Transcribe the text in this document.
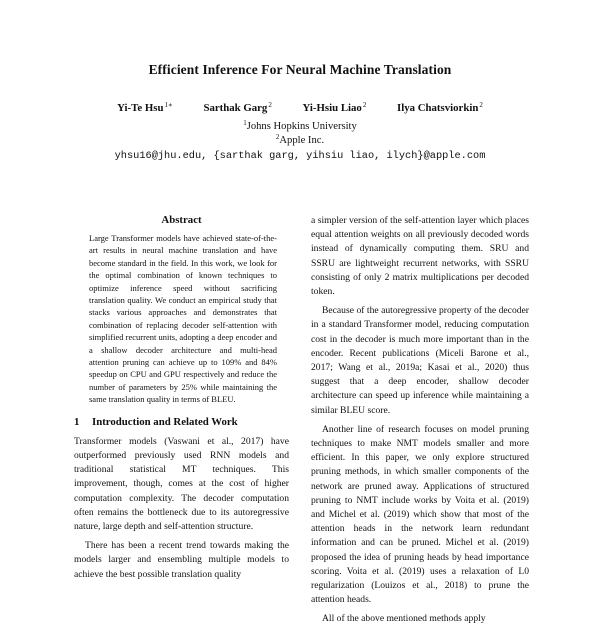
Efficient Inference For Neural Machine Translation
Yi-Te Hsu$^{1∗}$	Sarthak Garg$^2$	Yi-Hsiu Liao$^2$	Ilya Chatsviorkin$^2$
$^1$Johns Hopkins University
$^2$Apple Inc.
yhsu16@jhu.edu, {sarthak garg, yihsiu liao, ilych}@apple.com
Abstract

Large Transformer models have achieved state-of-the-art results in neural machine translation and have become standard in the field. In this work, we look for the optimal combination of known techniques to optimize inference speed without sacrificing translation quality. We conduct an empirical study that stacks various approaches and demonstrates that combination of replacing decoder self-attention with simplified recurrent units, adopting a deep encoder and a shallow decoder architecture and multi-head attention pruning can achieve up to 109% and 84% speedup on CPU and GPU respectively and reduce the number of parameters by 25% while maintaining the same translation quality in terms of BLEU.

1 Introduction and Related Work

Transformer models (Vaswani et al., 2017) have outperformed previously used RNN models and traditional statistical MT techniques. This improvement, though, comes at the cost of higher computation complexity. The decoder computation often remains the bottleneck due to its autoregressive nature, large depth and self-attention structure.

There has been a recent trend towards making the models larger and ensembling multiple models to achieve the best possible translation quality

a simpler version of the self-attention layer which places equal attention weights on all previously decoded words instead of dynamically computing them. SRU and SSRU are lightweight recurrent networks, with SSRU consisting of only 2 matrix multiplications per decoded token.

Because of the autoregressive property of the decoder in a standard Transformer model, reducing computation cost in the decoder is much more important than in the encoder. Recent publications (Miceli Barone et al., 2017; Wang et al., 2019a; Kasai et al., 2020) thus suggest that a deep encoder, shallow decoder architecture can speed up inference while maintaining a similar BLEU score.

Another line of research focuses on model pruning techniques to make NMT models smaller and more efficient. In this paper, we only explore structured pruning methods, in which smaller components of the network are pruned away. Applications of structured pruning to NMT include works by Voita et al. (2019) and Michel et al. (2019) which show that most of the attention heads in the network learn redundant information and can be pruned. Michel et al. (2019) proposed the idea of pruning heads by head importance scoring. Voita et al. (2019) uses a relaxation of L0 regularization (Louizos et al., 2018) to prune the attention heads.

All of the above mentioned methods apply
